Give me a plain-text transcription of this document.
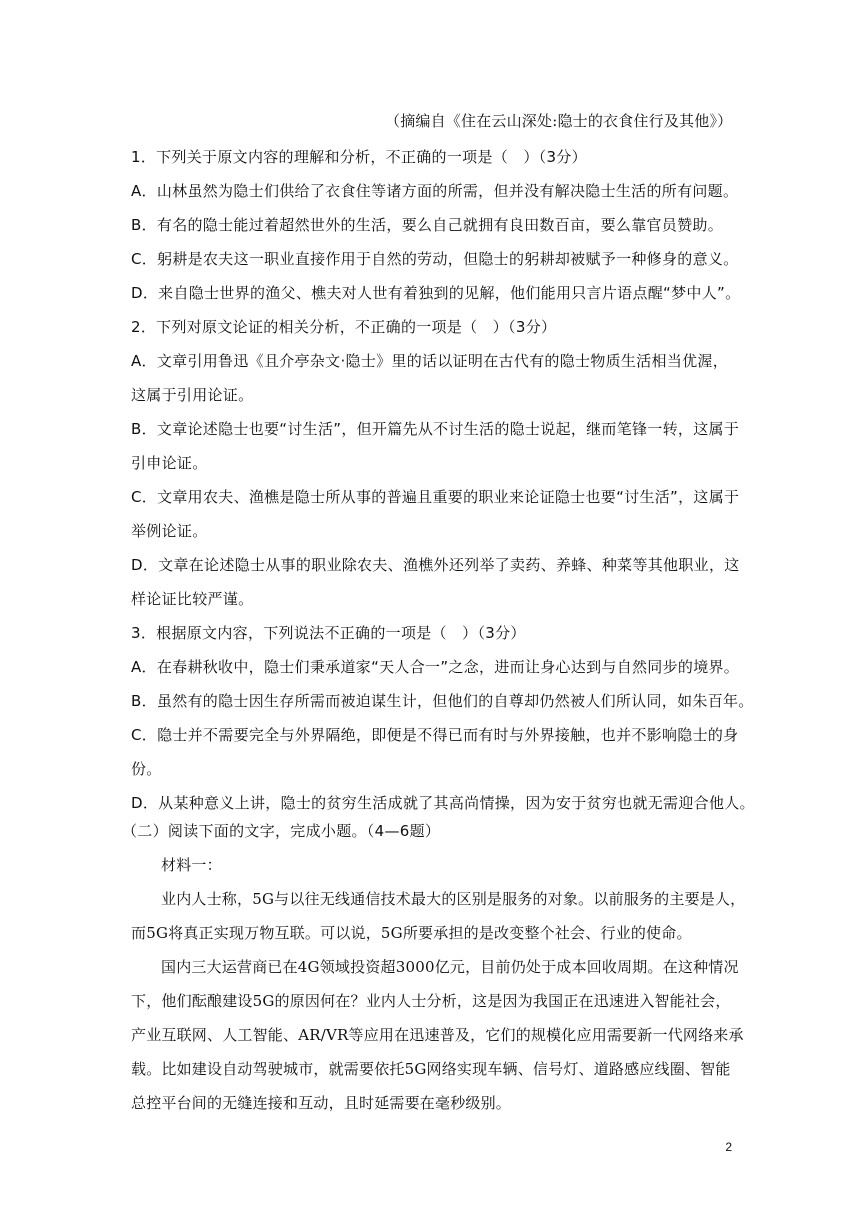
（摘编自《住在云山深处:隐士的衣食住行及其他》）
1．下列关于原文内容的理解和分析，不正确的一项是（　）（3分）
A．山林虽然为隐士们供给了衣食住等诸方面的所需，但并没有解决隐士生活的所有问题。
B．有名的隐士能过着超然世外的生活，要么自己就拥有良田数百亩，要么靠官员赞助。
C．躬耕是农夫这一职业直接作用于自然的劳动，但隐士的躬耕却被赋予一种修身的意义。
D．来自隐士世界的渔父、樵夫对人世有着独到的见解，他们能用只言片语点醒“梦中人”。
2．下列对原文论证的相关分析，不正确的一项是（　）（3分）
A．文章引用鲁迅《且介亭杂文·隐士》里的话以证明在古代有的隐士物质生活相当优渥，
这属于引用论证。
B．文章论述隐士也要“讨生活”，但开篇先从不讨生活的隐士说起，继而笔锋一转，这属于
引申论证。
C．文章用农夫、渔樵是隐士所从事的普遍且重要的职业来论证隐士也要“讨生活”，这属于
举例论证。
D．文章在论述隐士从事的职业除农夫、渔樵外还列举了卖药、养蜂、种菜等其他职业，这
样论证比较严谨。
3．根据原文内容，下列说法不正确的一项是（　）（3分）
A．在春耕秋收中，隐士们秉承道家“天人合一”之念，进而让身心达到与自然同步的境界。
B．虽然有的隐士因生存所需而被迫谋生计，但他们的自尊却仍然被人们所认同，如朱百年。
C．隐士并不需要完全与外界隔绝，即便是不得已而有时与外界接触，也并不影响隐士的身
份。
D．从某种意义上讲，隐士的贫穷生活成就了其高尚情操，因为安于贫穷也就无需迎合他人。
（二）阅读下面的文字，完成小题。（4—6题）
材料一：
业内人士称，5G与以往无线通信技术最大的区别是服务的对象。以前服务的主要是人，
而5G将真正实现万物互联。可以说，5G所要承担的是改变整个社会、行业的使命。
国内三大运营商已在4G领域投资超3000亿元，目前仍处于成本回收周期。在这种情况
下，他们酝酿建设5G的原因何在？业内人士分析，这是因为我国正在迅速进入智能社会，
产业互联网、人工智能、AR/VR等应用在迅速普及，它们的规模化应用需要新一代网络来承
载。比如建设自动驾驶城市，就需要依托5G网络实现车辆、信号灯、道路感应线圈、智能
总控平台间的无缝连接和互动，且时延需要在毫秒级别。
2
